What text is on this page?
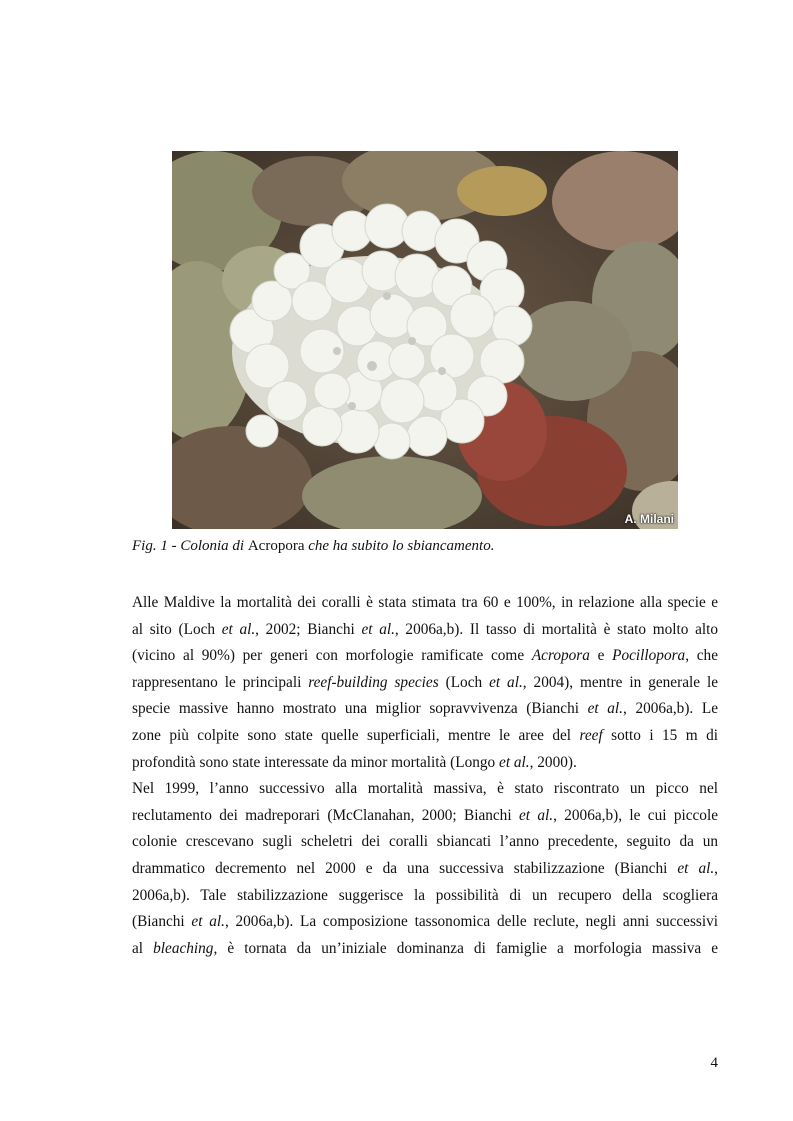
A. Milani
Fig. 1 - Colonia di Acropora che ha subito lo sbiancamento.

Alle Maldive la mortalità dei coralli è stata stimata tra 60 e 100%, in relazione alla specie e
al sito (Loch et al., 2002; Bianchi et al., 2006a,b). Il tasso di mortalità è stato molto alto
(vicino al 90%) per generi con morfologie ramificate come Acropora e Pocillopora, che
rappresentano le principali reef-building species (Loch et al., 2004), mentre in generale le
specie massive hanno mostrato una miglior sopravvivenza (Bianchi et al., 2006a,b). Le
zone più colpite sono state quelle superficiali, mentre le aree del reef sotto i 15 m di
profondità sono state interessate da minor mortalità (Longo et al., 2000).

Nel 1999, l’anno successivo alla mortalità massiva, è stato riscontrato un picco nel
reclutamento dei madreporari (McClanahan, 2000; Bianchi et al., 2006a,b), le cui piccole
colonie crescevano sugli scheletri dei coralli sbiancati l’anno precedente, seguito da un
drammatico decremento nel 2000 e da una successiva stabilizzazione (Bianchi et al.,
2006a,b). Tale stabilizzazione suggerisce la possibilità di un recupero della scogliera
(Bianchi et al., 2006a,b). La composizione tassonomica delle reclute, negli anni successivi
al bleaching, è tornata da un’iniziale dominanza di famiglie a morfologia massiva e

4
